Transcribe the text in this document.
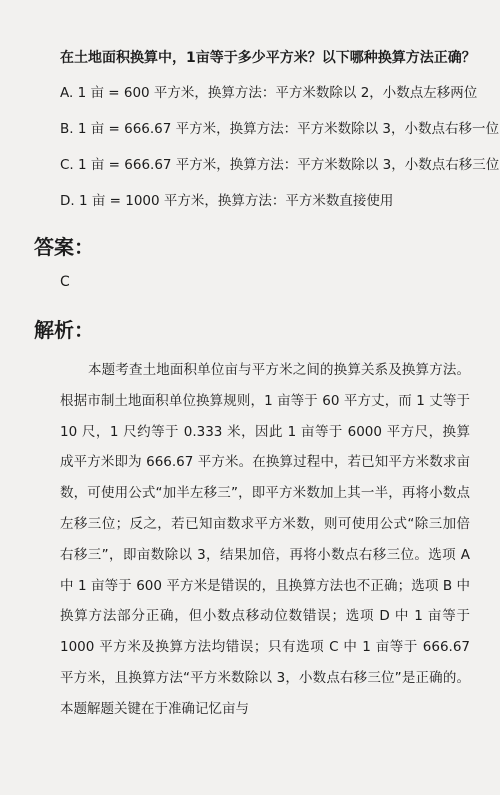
在土地面积换算中，1亩等于多少平方米？以下哪种换算方法正确？
A. 1 亩 = 600 平方米，换算方法：平方米数除以 2，小数点左移两位
B. 1 亩 = 666.67 平方米，换算方法：平方米数除以 3，小数点右移一位
C. 1 亩 = 666.67 平方米，换算方法：平方米数除以 3，小数点右移三位
D. 1 亩 = 1000 平方米，换算方法：平方米数直接使用
答案：
C
解析：

本题考查土地面积单位亩与平方米之间的换算关系及换算方法。根据市制土地面积单位换算规则，1 亩等于 60 平方丈，而 1 丈等于 10 尺，1 尺约等于 0.333 米，因此 1 亩等于 6000 平方尺，换算成平方米即为 666.67 平方米。在换算过程中，若已知平方米数求亩数，可使用公式“加半左移三”，即平方米数加上其一半，再将小数点左移三位；反之，若已知亩数求平方米数，则可使用公式“除三加倍右移三”，即亩数除以 3，结果加倍，再将小数点右移三位。选项 A 中 1 亩等于 600 平方米是错误的，且换算方法也不正确；选项 B 中换算方法部分正确，但小数点移动位数错误；选项 D 中 1 亩等于 1000 平方米及换算方法均错误；只有选项 C 中 1 亩等于 666.67 平方米，且换算方法“平方米数除以 3，小数点右移三位”是正确的。本题解题关键在于准确记忆亩与
